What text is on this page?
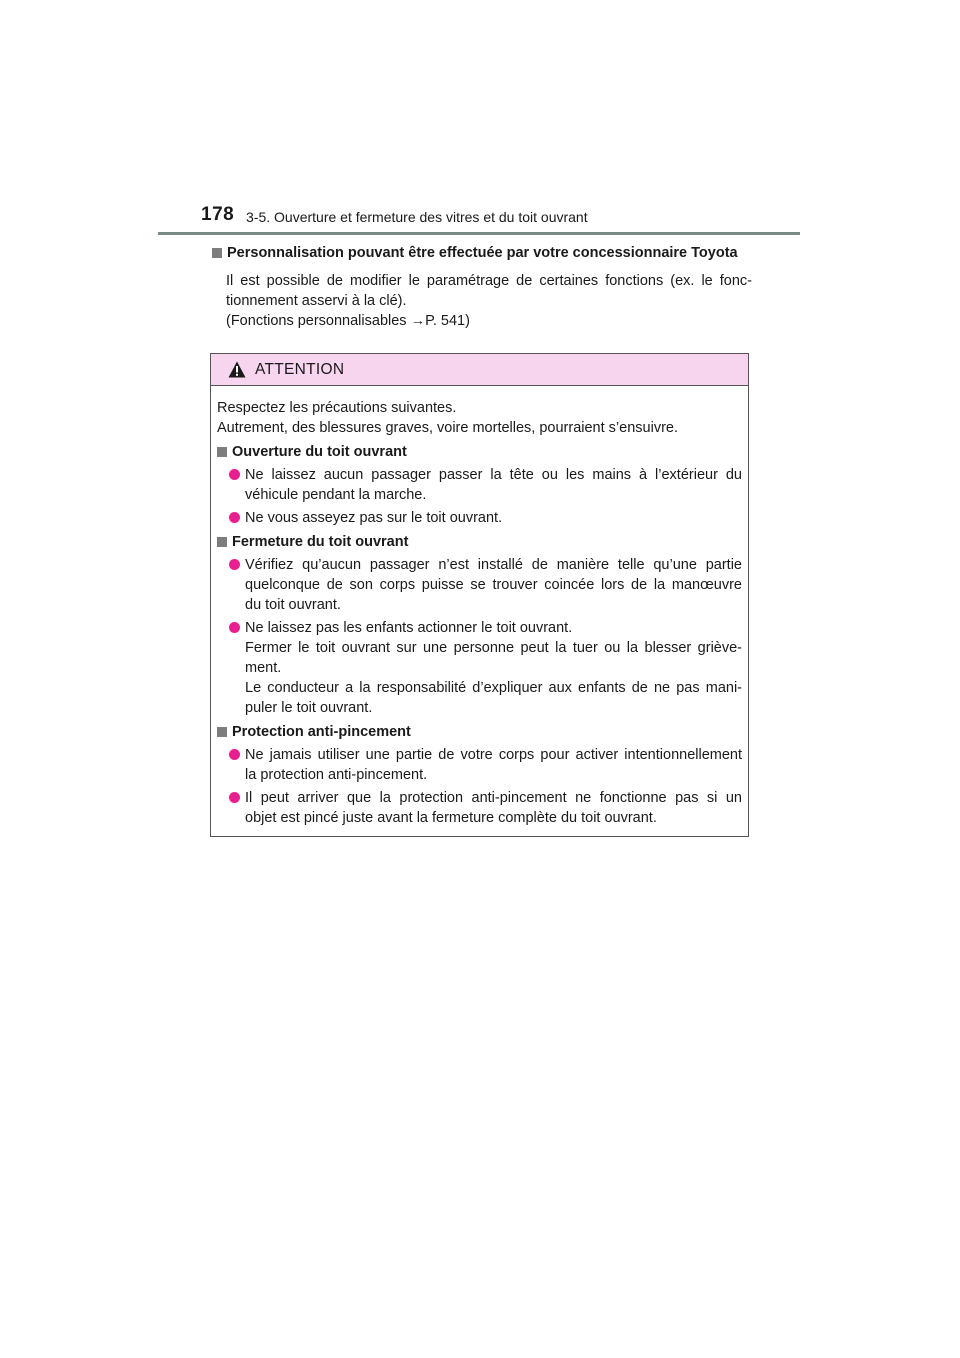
178 3-5. Ouverture et fermeture des vitres et du toit ouvrant
Personnalisation pouvant être effectuée par votre concessionnaire Toyota
Il est possible de modifier le paramétrage de certaines fonctions (ex. le fonc-
tionnement asservi à la clé).
(Fonctions personnalisables →P. 541)
ATTENTION
Respectez les précautions suivantes.
Autrement, des blessures graves, voire mortelles, pourraient s’ensuivre.
Ouverture du toit ouvrant
Ne laissez aucun passager passer la tête ou les mains à l’extérieur du
véhicule pendant la marche.
Ne vous asseyez pas sur le toit ouvrant.
Fermeture du toit ouvrant
Vérifiez qu’aucun passager n’est installé de manière telle qu’une partie
quelconque de son corps puisse se trouver coincée lors de la manœuvre
du toit ouvrant.
Ne laissez pas les enfants actionner le toit ouvrant.
Fermer le toit ouvrant sur une personne peut la tuer ou la blesser griève-
ment.
Le conducteur a la responsabilité d’expliquer aux enfants de ne pas mani-
puler le toit ouvrant.
Protection anti-pincement
Ne jamais utiliser une partie de votre corps pour activer intentionnellement
la protection anti-pincement.
Il peut arriver que la protection anti-pincement ne fonctionne pas si un
objet est pincé juste avant la fermeture complète du toit ouvrant.
